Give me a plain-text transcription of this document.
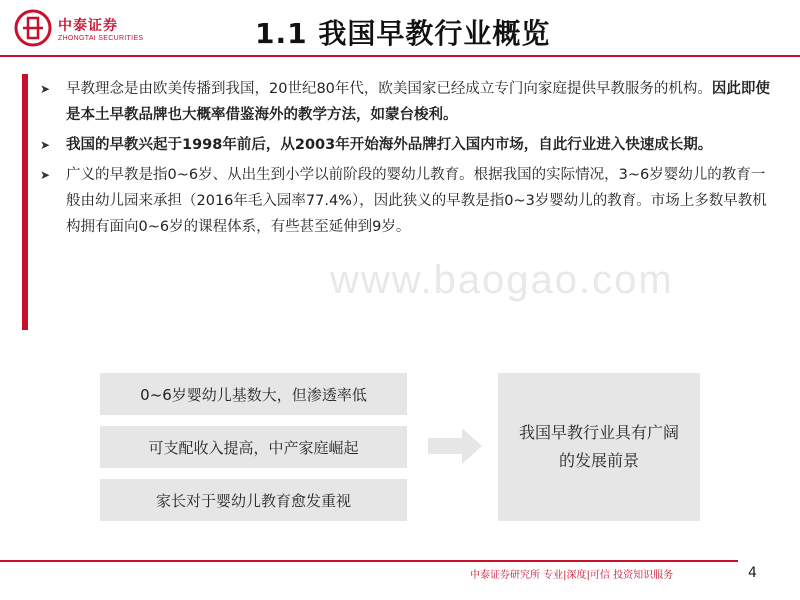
中泰证券
ZHONGTAI SECURITIES	1.1 我国早教行业概览
➤ 早教理念是由欧美传播到我国，20世纪80年代，欧美国家已经成立专门向家庭提供早教服务的机构。因此即使是本土早教品牌也大概率借鉴海外的教学方法，如蒙台梭利。
➤ 我国的早教兴起于1998年前后，从2003年开始海外品牌打入国内市场，自此行业进入快速成长期。
➤ 广义的早教是指0~6岁、从出生到小学以前阶段的婴幼儿教育。根据我国的实际情况，3~6岁婴幼儿的教育一般由幼儿园来承担（2016年毛入园率77.4%），因此狭义的早教是指0~3岁婴幼儿的教育。市场上多数早教机构拥有面向0~6岁的课程体系，有些甚至延伸到9岁。
www.baogao.com
0~6岁婴幼儿基数大，但渗透率低
可支配收入提高，中产家庭崛起
家长对于婴幼儿教育愈发重视
我国早教行业具有广阔的发展前景
中泰证券研究所 专业|深度|可信 投资知识服务	4
